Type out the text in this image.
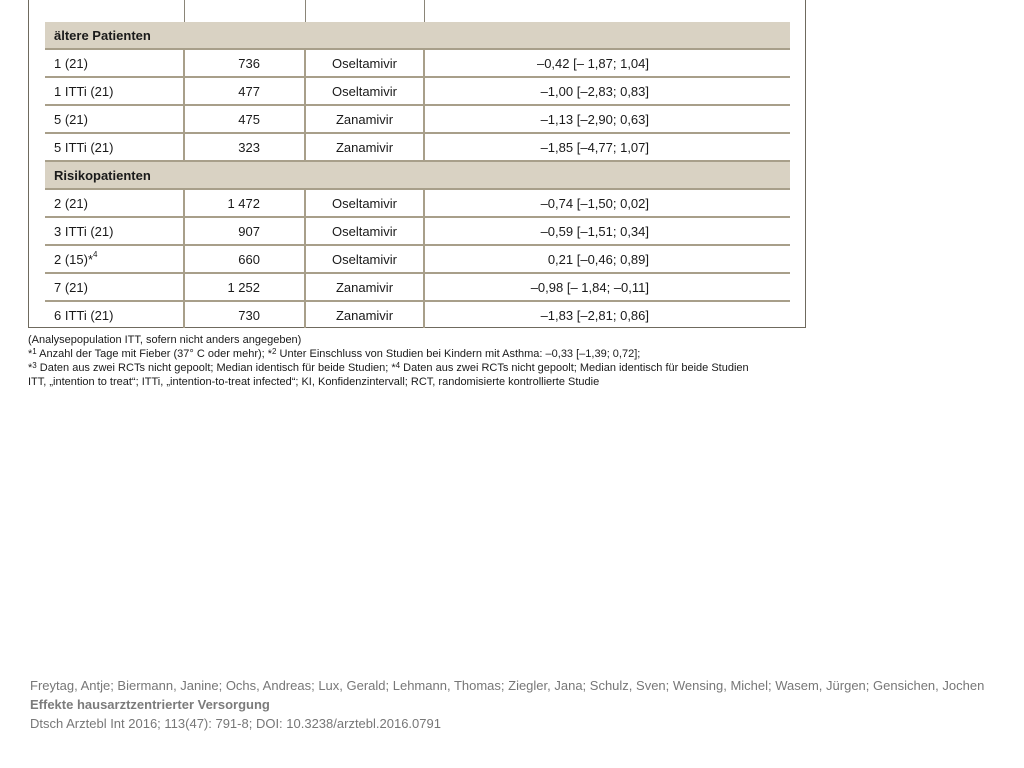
ältere Patienten			
1 (21)	736	Oseltamivir	–0,42 [– 1,87; 1,04]
1 ITTi (21)	477	Oseltamivir	–1,00 [–2,83; 0,83]
5 (21)	475	Zanamivir	–1,13 [–2,90; 0,63]
5 ITTi (21)	323	Zanamivir	–1,85 [–4,77; 1,07]
Risikopatienten			
2 (21)	1 472	Oseltamivir	–0,74 [–1,50; 0,02]
3 ITTi (21)	907	Oseltamivir	–0,59 [–1,51; 0,34]
2 (15)*$^4$	660	Oseltamivir	0,21 [–0,46; 0,89]
7 (21)	1 252	Zanamivir	–0,98 [– 1,84; –0,11]
6 ITTi (21)	730	Zanamivir	–1,83 [–2,81; 0,86]
(Analysepopulation ITT, sofern nicht anders angegeben)
*$^1$ Anzahl der Tage mit Fieber (37° C oder mehr); *$^2$ Unter Einschluss von Studien bei Kindern mit Asthma: –0,33 [–1,39; 0,72];
*$^3$ Daten aus zwei RCTs nicht gepoolt; Median identisch für beide Studien; *$^4$ Daten aus zwei RCTs nicht gepoolt; Median identisch für beide Studien
ITT, „intention to treat“; ITTi, „intention-to-treat infected“; KI, Konfidenzintervall; RCT, randomisierte kontrollierte Studie
Freytag, Antje; Biermann, Janine; Ochs, Andreas; Lux, Gerald; Lehmann, Thomas; Ziegler, Jana; Schulz, Sven; Wensing, Michel; Wasem, Jürgen; Gensichen, Jochen
Effekte hausarztzentrierter Versorgung
Dtsch Arztebl Int 2016; 113(47): 791-8; DOI: 10.3238/arztebl.2016.0791
